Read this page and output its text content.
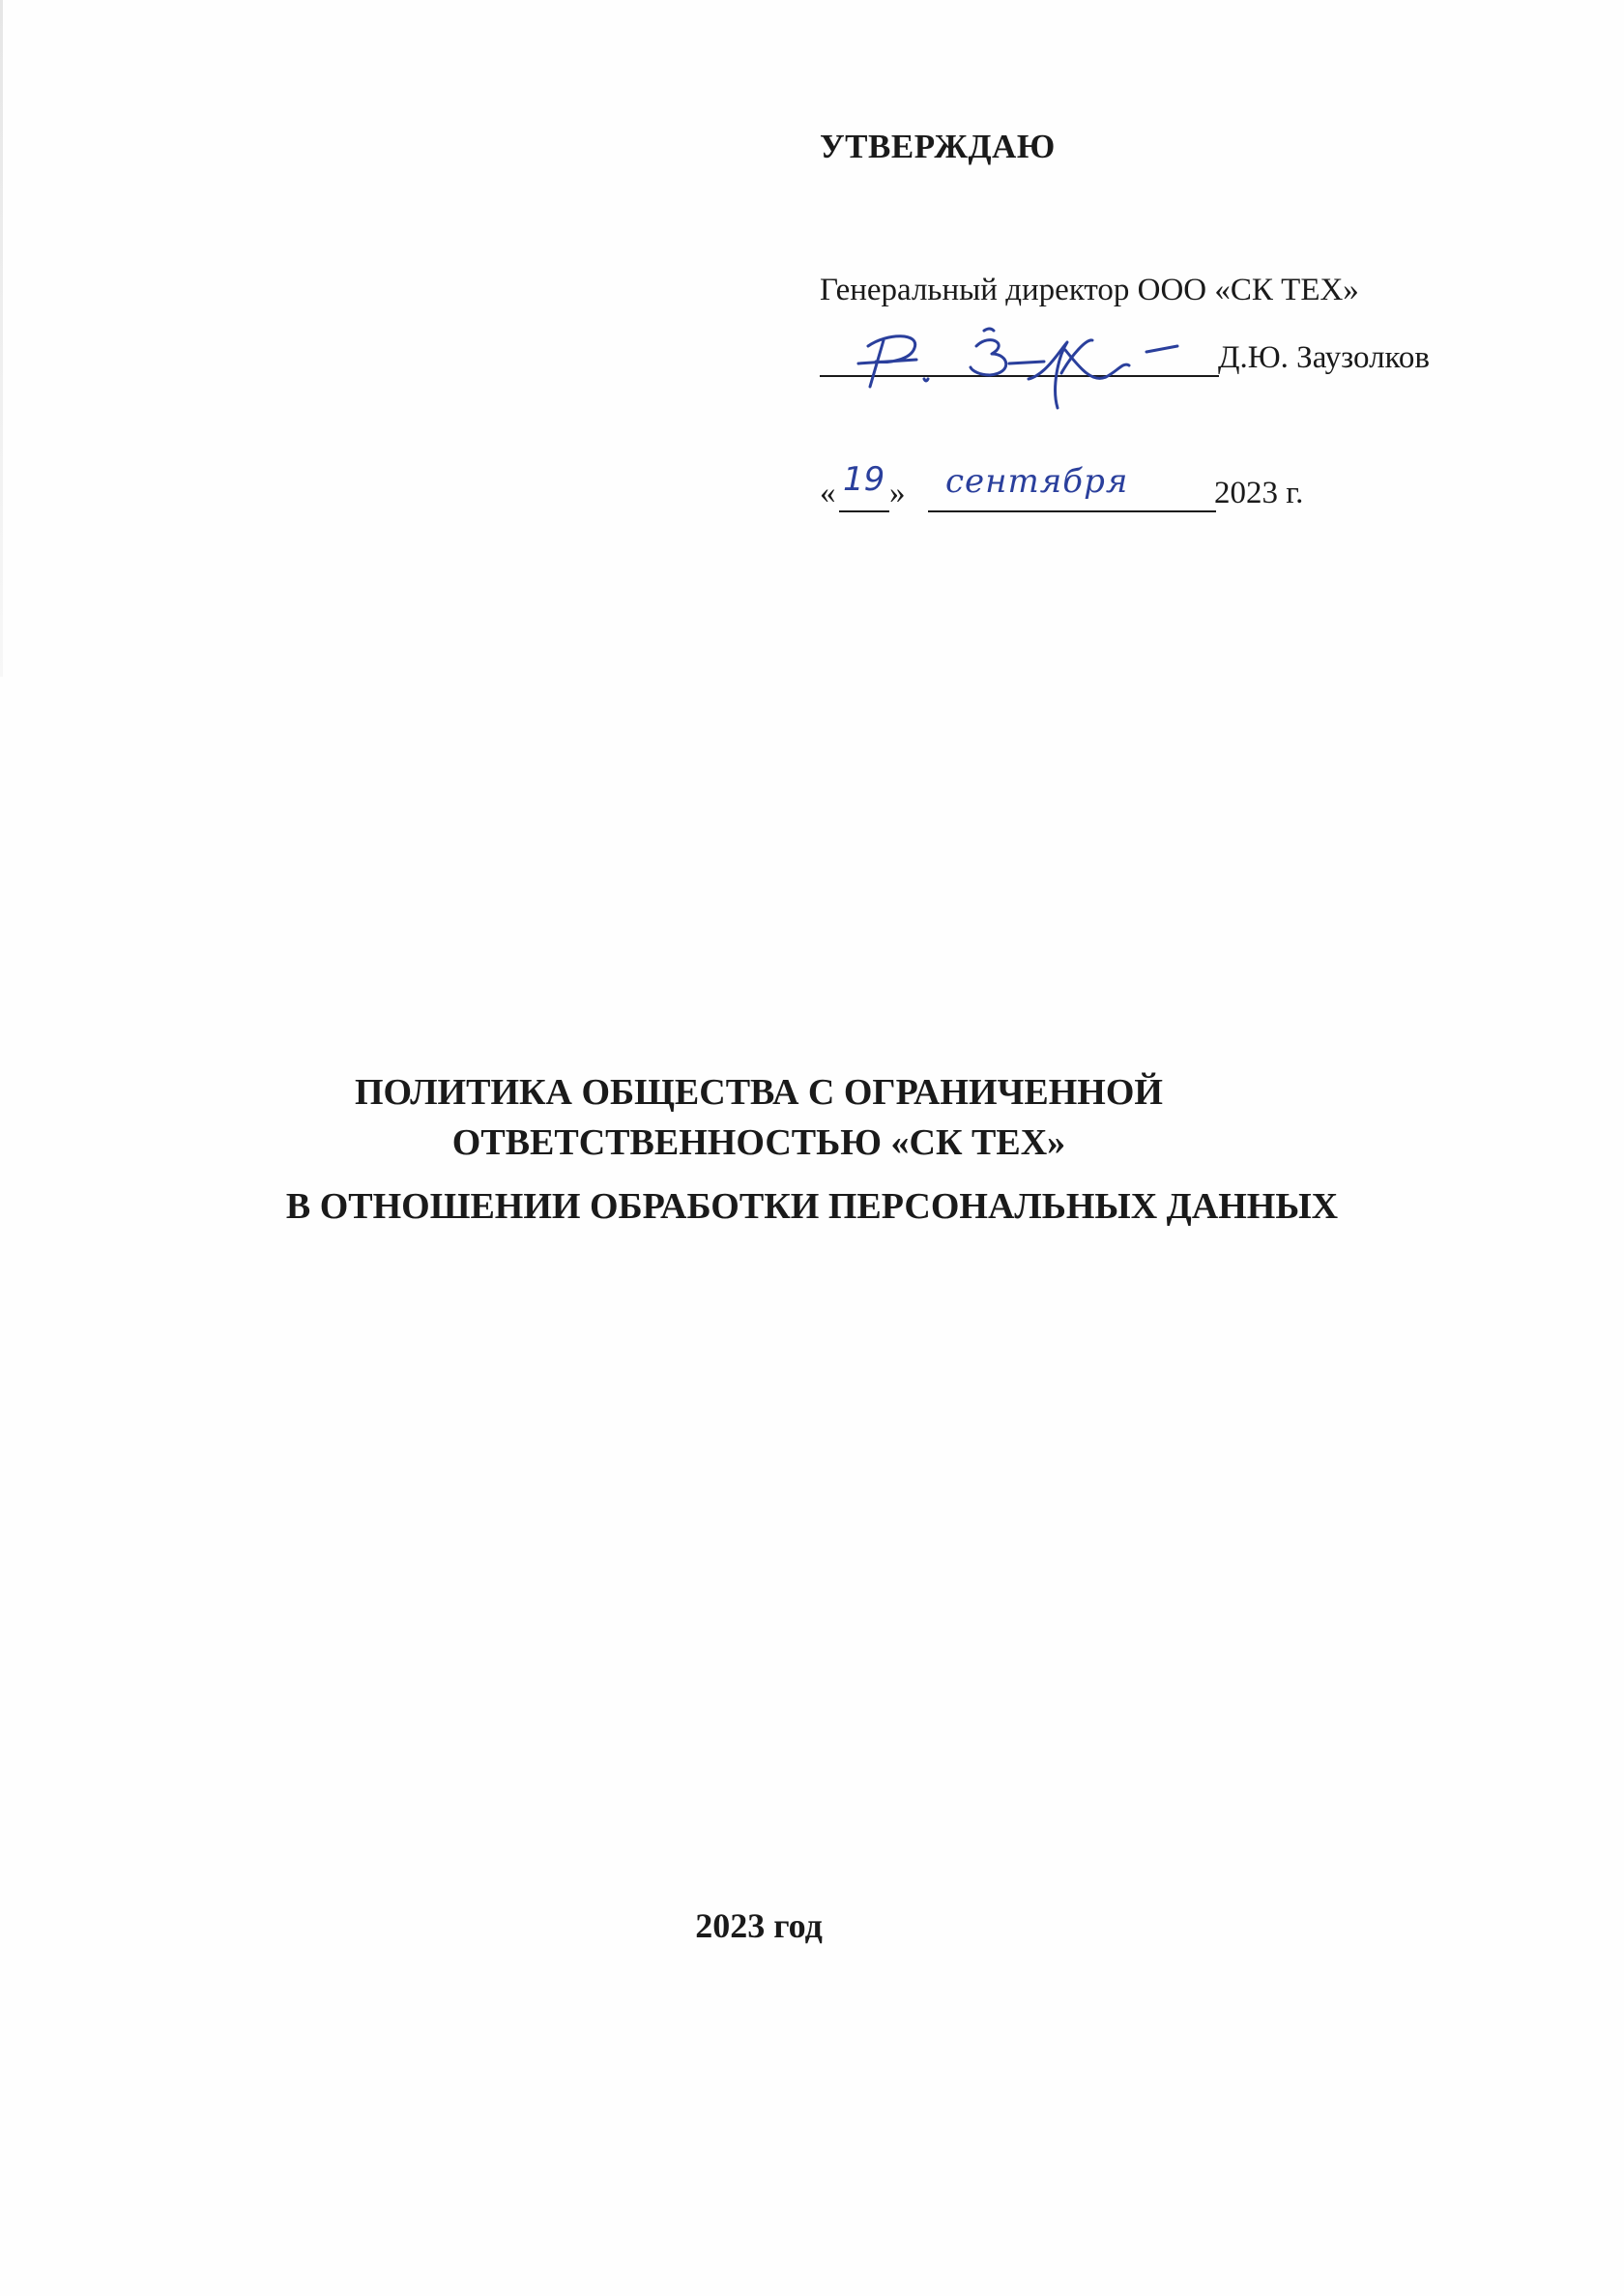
УТВЕРЖДАЮ
Генеральный директор ООО «СК ТЕХ»
Д.Ю. Заузолков
« 19 » сентября	2023 г.
ПОЛИТИКА ОБЩЕСТВА С ОГРАНИЧЕННОЙ
ОТВЕТСТВЕННОСТЬЮ «СК ТЕХ»
В ОТНОШЕНИИ ОБРАБОТКИ ПЕРСОНАЛЬНЫХ ДАННЫХ
2023 год
